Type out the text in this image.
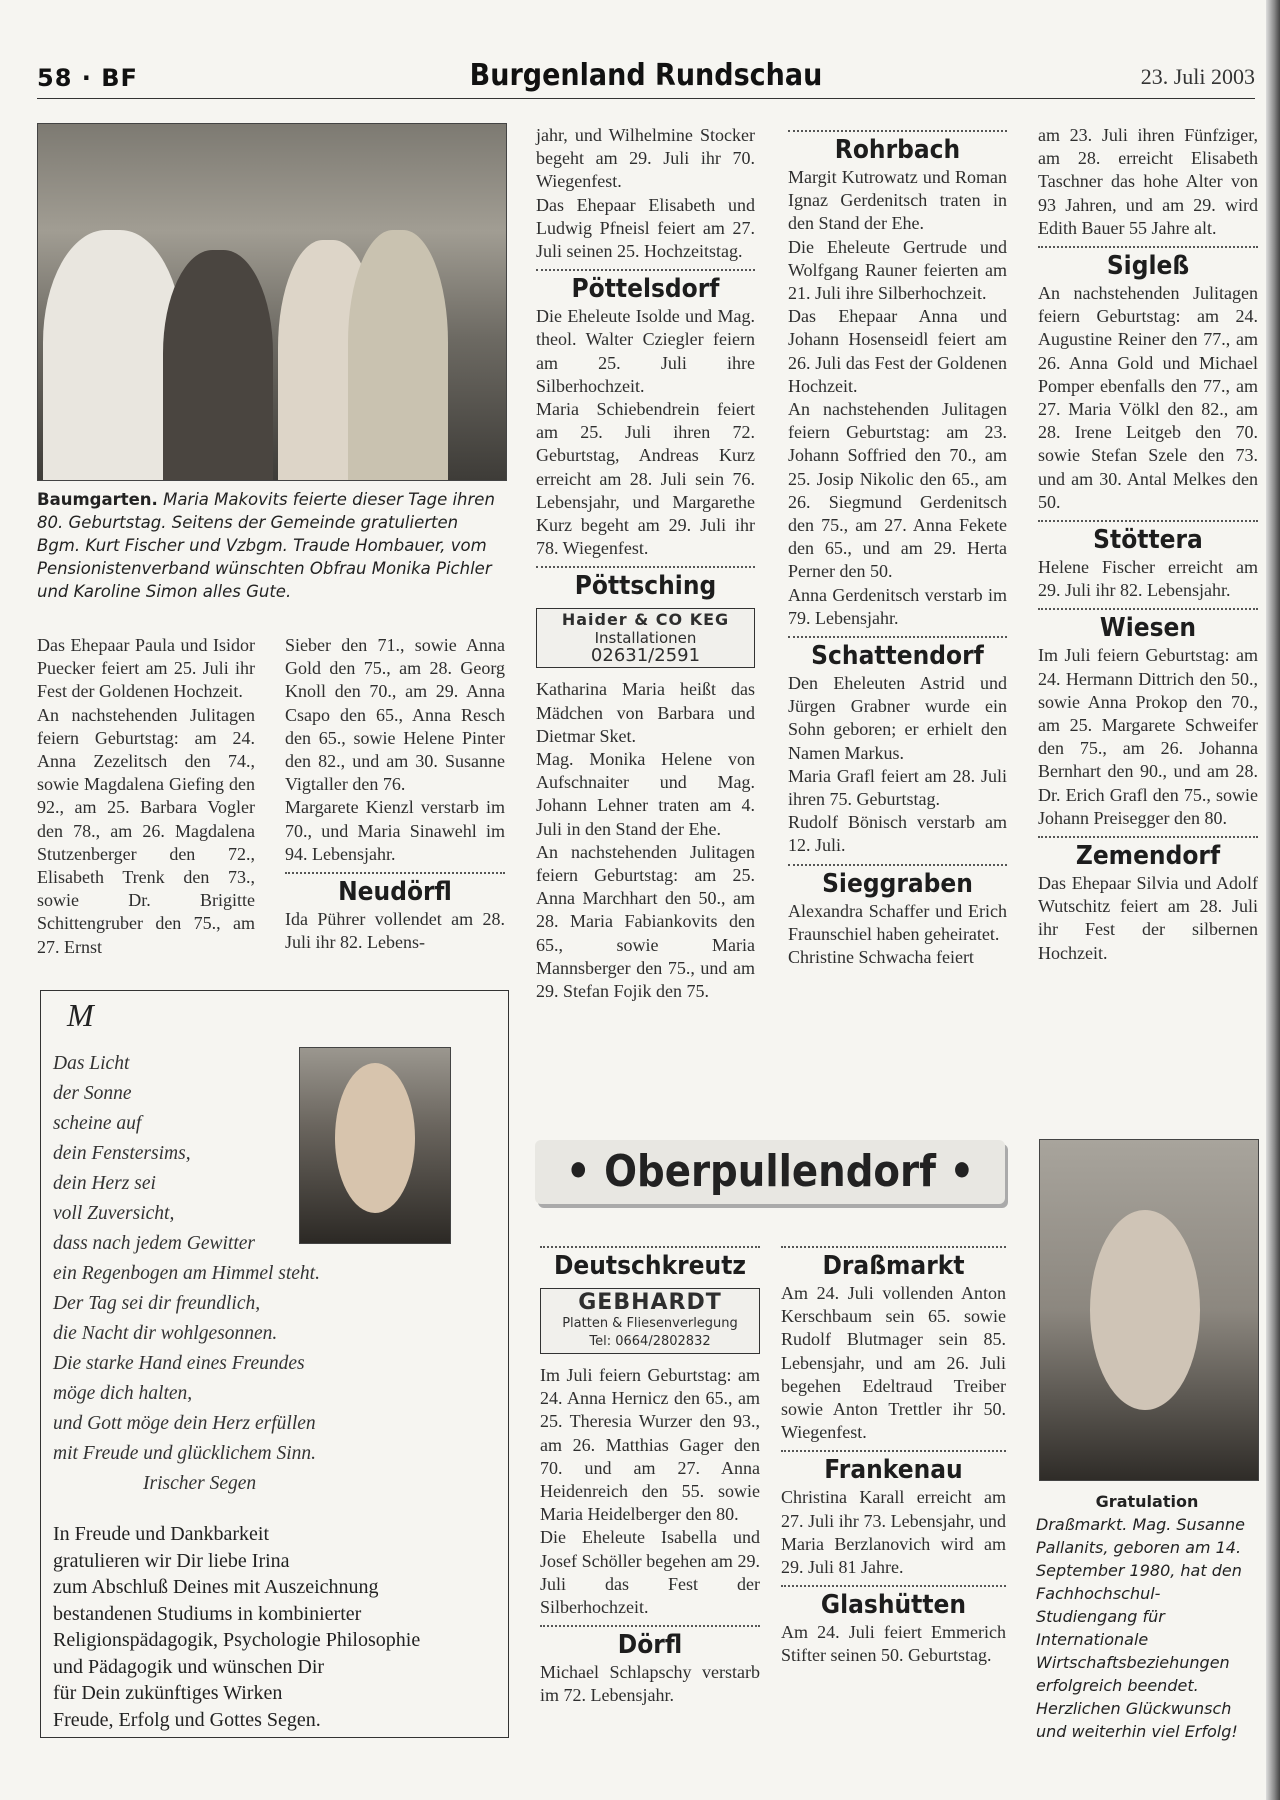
58 · BF	Burgenland Rundschau	23. Juli 2003
Baumgarten. Maria Makovits feierte dieser Tage ihren 80. Geburtstag. Seitens der Gemeinde gratulierten Bgm. Kurt Fischer und Vzbgm. Traude Hombauer, vom Pensionistenverband wünschten Obfrau Monika Pichler und Karoline Simon alles Gute.

Das Ehepaar Paula und Isidor Puecker feiert am 25. Juli ihr Fest der Goldenen Hochzeit.

An nachstehenden Julitagen feiern Geburtstag: am 24. Anna Zezelitsch den 74., sowie Magdalena Giefing den 92., am 25. Barbara Vogler den 78., am 26. Magdalena Stutzenberger den 72., Elisabeth Trenk den 73., sowie Dr. Brigitte Schittengruber den 75., am 27. Ernst

Sieber den 71., sowie Anna Gold den 75., am 28. Georg Knoll den 70., am 29. Anna Csapo den 65., Anna Resch den 65., sowie Helene Pinter den 82., und am 30. Susanne Vigtaller den 76.

Margarete Kienzl verstarb im 70., und Maria Sinawehl im 94. Lebensjahr.

Neudörfl

Ida Pührer vollendet am 28. Juli ihr 82. Lebens-

jahr, und Wilhelmine Stocker begeht am 29. Juli ihr 70. Wiegenfest.

Das Ehepaar Elisabeth und Ludwig Pfneisl feiert am 27. Juli seinen 25. Hochzeitstag.

Pöttelsdorf

Die Eheleute Isolde und Mag. theol. Walter Cziegler feiern am 25. Juli ihre Silberhochzeit.

Maria Schiebendrein feiert am 25. Juli ihren 72. Geburtstag, Andreas Kurz erreicht am 28. Juli sein 76. Lebensjahr, und Margarethe Kurz begeht am 29. Juli ihr 78. Wiegenfest.

Pöttsching
Haider & CO KEG
Installationen
02631/2591

Katharina Maria heißt das Mädchen von Barbara und Dietmar Sket.

Mag. Monika Helene von Aufschnaiter und Mag. Johann Lehner traten am 4. Juli in den Stand der Ehe.

An nachstehenden Julitagen feiern Geburtstag: am 25. Anna Marchhart den 50., am 28. Maria Fabiankovits den 65., sowie Maria Mannsberger den 75., und am 29. Stefan Fojik den 75.

Rohrbach

Margit Kutrowatz und Roman Ignaz Gerdenitsch traten in den Stand der Ehe.

Die Eheleute Gertrude und Wolfgang Rauner feierten am 21. Juli ihre Silberhochzeit.

Das Ehepaar Anna und Johann Hosenseidl feiert am 26. Juli das Fest der Goldenen Hochzeit.

An nachstehenden Julitagen feiern Geburtstag: am 23. Johann Soffried den 70., am 25. Josip Nikolic den 65., am 26. Siegmund Gerdenitsch den 75., am 27. Anna Fekete den 65., und am 29. Herta Perner den 50.

Anna Gerdenitsch verstarb im 79. Lebensjahr.

Schattendorf

Den Eheleuten Astrid und Jürgen Grabner wurde ein Sohn geboren; er erhielt den Namen Markus.

Maria Grafl feiert am 28. Juli ihren 75. Geburtstag.

Rudolf Bönisch verstarb am 12. Juli.

Sieggraben

Alexandra Schaffer und Erich Fraunschiel haben geheiratet.

Christine Schwacha feiert

am 23. Juli ihren Fünfziger, am 28. erreicht Elisabeth Taschner das hohe Alter von 93 Jahren, und am 29. wird Edith Bauer 55 Jahre alt.

Sigleß

An nachstehenden Julitagen feiern Geburtstag: am 24. Augustine Reiner den 77., am 26. Anna Gold und Michael Pomper ebenfalls den 77., am 27. Maria Völkl den 82., am 28. Irene Leitgeb den 70. sowie Stefan Szele den 73. und am 30. Antal Melkes den 50.

Stöttera

Helene Fischer erreicht am 29. Juli ihr 82. Lebensjahr.

Wiesen

Im Juli feiern Geburtstag: am 24. Hermann Dittrich den 50., sowie Anna Prokop den 70., am 25. Margarete Schweifer den 75., am 26. Johanna Bernhart den 90., und am 28. Dr. Erich Grafl den 75., sowie Johann Preisegger den 80.

Zemendorf

Das Ehepaar Silvia und Adolf Wutschitz feiert am 28. Juli ihr Fest der silbernen Hochzeit.

M
Das Licht
der Sonne
scheine auf
dein Fenstersims,
dein Herz sei
voll Zuversicht,
dass nach jedem Gewitter
ein Regenbogen am Himmel steht.
Der Tag sei dir freundlich,
die Nacht dir wohlgesonnen.
Die starke Hand eines Freundes
möge dich halten,
und Gott möge dein Herz erfüllen
mit Freude und glücklichem Sinn.
Irischer Segen
In Freude und Dankbarkeit
gratulieren wir Dir liebe Irina
zum Abschluß Deines mit Auszeichnung
bestandenen Studiums in kombinierter
Religionspädagogik, Psychologie Philosophie
und Pädagogik und wünschen Dir
für Dein zukünftiges Wirken
Freude, Erfolg und Gottes Segen.
• Oberpullendorf •
Deutschkreutz
GEBHARDT
Platten & Fliesenverlegung
Tel: 0664/2802832

Im Juli feiern Geburtstag: am 24. Anna Hernicz den 65., am 25. Theresia Wurzer den 93., am 26. Matthias Gager den 70. und am 27. Anna Heidenreich den 55. sowie Maria Heidelberger den 80.

Die Eheleute Isabella und Josef Schöller begehen am 29. Juli das Fest der Silberhochzeit.

Dörfl

Michael Schlapschy verstarb im 72. Lebensjahr.

Draßmarkt

Am 24. Juli vollenden Anton Kerschbaum sein 65. sowie Rudolf Blutmager sein 85. Lebensjahr, und am 26. Juli begehen Edeltraud Treiber sowie Anton Trettler ihr 50. Wiegenfest.

Frankenau

Christina Karall erreicht am 27. Juli ihr 73. Lebensjahr, und Maria Berzlanovich wird am 29. Juli 81 Jahre.

Glashütten

Am 24. Juli feiert Emmerich Stifter seinen 50. Geburtstag.

Gratulation
Draßmarkt. Mag. Susanne Pallanits, geboren am 14. September 1980, hat den Fachhochschul-Studiengang für Internationale Wirtschaftsbeziehungen erfolgreich beendet. Herzlichen Glückwunsch und weiterhin viel Erfolg!
